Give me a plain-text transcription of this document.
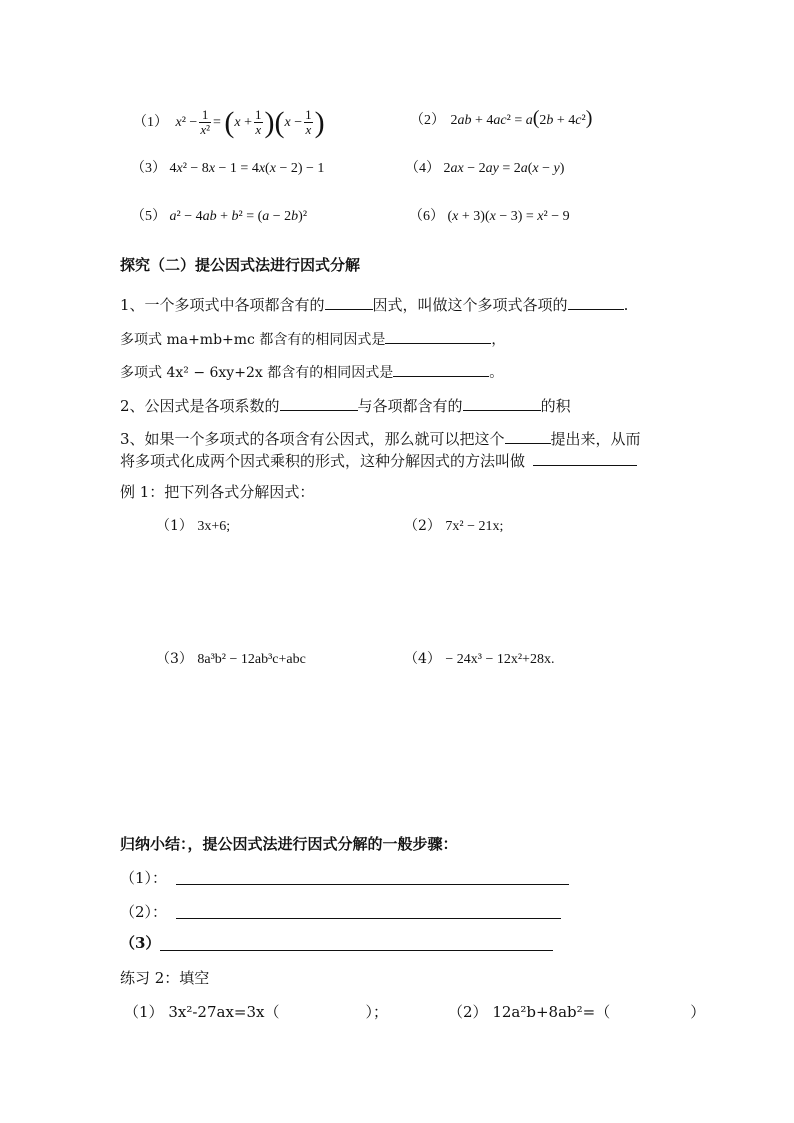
（1） $x^2 - \frac{1}{\text{x²}} = (x + \frac{1}{x} )(x - \frac{1}{x}$ )	（2） 2ab + 4ac² = a(2b + 4c²)
（3） 4x² − 8x − 1 = 4x(x − 2) − 1	（4） 2ax − 2ay = 2a(x − y)
（5） a² − 4ab + b² = (a − 2b)²	（6） (x + 3)(x − 3) = x² − 9
探究（二）提公因式法进行因式分解
1、一个多项式中各项都含有的	因式，叫做这个多项式各项的	.
多项式 ma+mb+mc 都含有的相同因式是	，
多项式 4x² − 6xy+2x 都含有的相同因式是	。
2、公因式是各项系数的	与各项都含有的	的积
3、如果一个多项式的各项含有公因式，那么就可以把这个	提出来，从而
将多项式化成两个因式乘积的形式，这种分解因式的方法叫做
例 1：把下列各式分解因式：
（1） 3x+6;	（2） 7x² − 21x;
（3） 8a³b² − 12ab³c+abc	（4） − 24x³ − 12x²+28x.
归纳小结：，提公因式法进行因式分解的一般步骤：
（1）：
（2）：
（3）
练习 2：填空
（1） 3x²-27ax=3x（	）；	（2） 12a²b+8ab²=（	）
